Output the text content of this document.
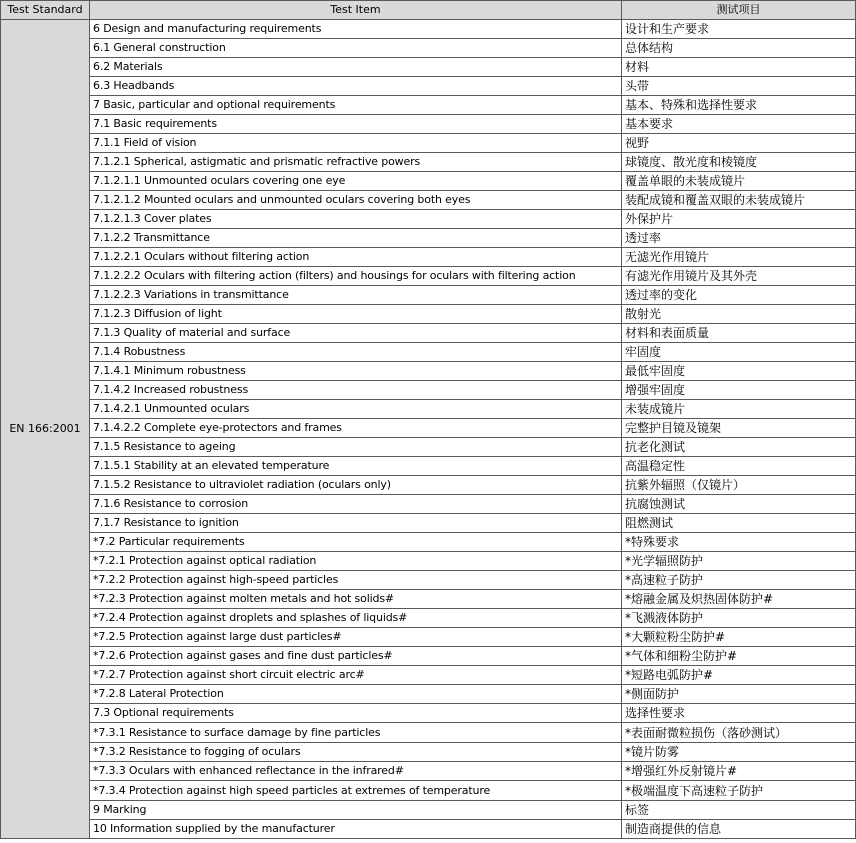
Test Standard	Test Item	测试项目
EN 166:2001	6 Design and manufacturing requirements	设计和生产要求
	6.1 General construction	总体结构
	6.2 Materials	材料
	6.3 Headbands	头带
	7 Basic, particular and optional requirements	基本、特殊和选择性要求
	7.1 Basic requirements	基本要求
	7.1.1 Field of vision	视野
	7.1.2.1 Spherical, astigmatic and prismatic refractive powers	球镜度、散光度和棱镜度
	7.1.2.1.1 Unmounted oculars covering one eye	覆盖单眼的未装成镜片
	7.1.2.1.2 Mounted oculars and unmounted oculars covering both eyes	装配成镜和覆盖双眼的未装成镜片
	7.1.2.1.3 Cover plates	外保护片
	7.1.2.2 Transmittance	透过率
	7.1.2.2.1 Oculars without filtering action	无滤光作用镜片
	7.1.2.2.2 Oculars with filtering action (filters) and housings for oculars with filtering action	有滤光作用镜片及其外壳
	7.1.2.2.3 Variations in transmittance	透过率的变化
	7.1.2.3 Diffusion of light	散射光
	7.1.3 Quality of material and surface	材料和表面质量
	7.1.4 Robustness	牢固度
	7.1.4.1 Minimum robustness	最低牢固度
	7.1.4.2 Increased robustness	增强牢固度
	7.1.4.2.1 Unmounted oculars	未装成镜片
	7.1.4.2.2 Complete eye-protectors and frames	完整护目镜及镜架
	7.1.5 Resistance to ageing	抗老化测试
	7.1.5.1 Stability at an elevated temperature	高温稳定性
	7.1.5.2 Resistance to ultraviolet radiation (oculars only)	抗紫外辐照（仅镜片）
	7.1.6 Resistance to corrosion	抗腐蚀测试
	7.1.7 Resistance to ignition	阻燃测试
	*7.2 Particular requirements	*特殊要求
	*7.2.1 Protection against optical radiation	*光学辐照防护
	*7.2.2 Protection against high-speed particles	*高速粒子防护
	*7.2.3 Protection against molten metals and hot solids#	*熔融金属及炽热固体防护#
	*7.2.4 Protection against droplets and splashes of liquids#	*飞溅液体防护
	*7.2.5 Protection against large dust particles#	*大颗粒粉尘防护#
	*7.2.6 Protection against gases and fine dust particles#	*气体和细粉尘防护#
	*7.2.7 Protection against short circuit electric arc#	*短路电弧防护#
	*7.2.8 Lateral Protection	*侧面防护
	7.3 Optional requirements	选择性要求
	*7.3.1 Resistance to surface damage by fine particles	*表面耐微粒损伤（落砂测试）
	*7.3.2 Resistance to fogging of oculars	*镜片防雾
	*7.3.3 Oculars with enhanced reflectance in the infrared#	*增强红外反射镜片#
	*7.3.4 Protection against high speed particles at extremes of temperature	*极端温度下高速粒子防护
	9 Marking	标签
	10 Information supplied by the manufacturer	制造商提供的信息
